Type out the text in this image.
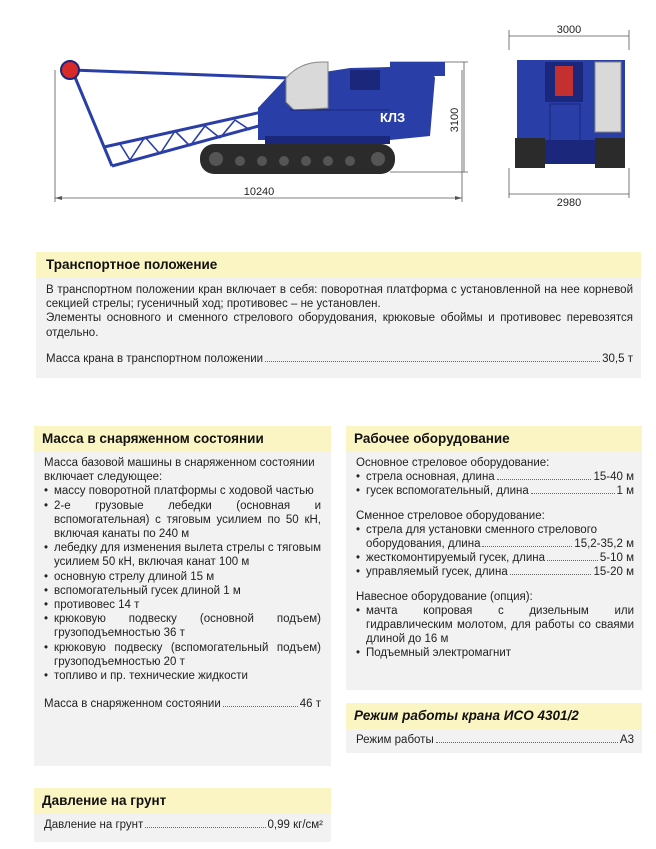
КЛЗ
10240
3100
3000
2980
Транспортное положение
В транспортном положении кран включает в себя: поворотная платформа с установленной на нее корневой секцией стрелы; гусеничный ход; противовес – не установлен.
Элементы основного и сменного стрелового оборудования, крюковые обоймы и противовес перевозятся отдельно.
Масса крана в транспортном положении	30,5 т
Масса в снаряженном состоянии
Масса базовой машины в снаряженном состоянии включает следующее:
• массу поворотной платформы с ходовой частью
• 2-е грузовые лебедки (основная и вспомогательная) с тяговым усилием по 50 кН, включая канаты по 240 м
• лебедку для изменения вылета стрелы с тяговым усилием 50 кН, включая канат 100 м
• основную стрелу длиной 15 м
• вспомогательный гусек длиной 1 м
• противовес 14 т
• крюковую подвеску (основной подъем) грузоподъемностью 36 т
• крюковую подвеску (вспомогательный подъем) грузоподъемностью 20 т
• топливо и пр. технические жидкости
Масса в снаряженном состоянии	46 т
Давление на грунт
Давление на грунт	0,99 кг/см²
Рабочее оборудование
Основное стреловое оборудование:
• стрела основная, длина	15-40 м
• гусек вспомогательный, длина	1 м
Сменное стреловое оборудование:
• стрела для установки сменного стрелового
оборудования, длина	15,2-35,2 м
• жесткомонтируемый гусек, длина	5-10 м
• управляемый гусек, длина	15-20 м
Навесное оборудование (опция):
• мачта копровая с дизельным или гидравлическим молотом, для работы со сваями длиной до 16 м
• Подъемный электромагнит
Режим работы крана ИСО 4301/2
Режим работы	А3
